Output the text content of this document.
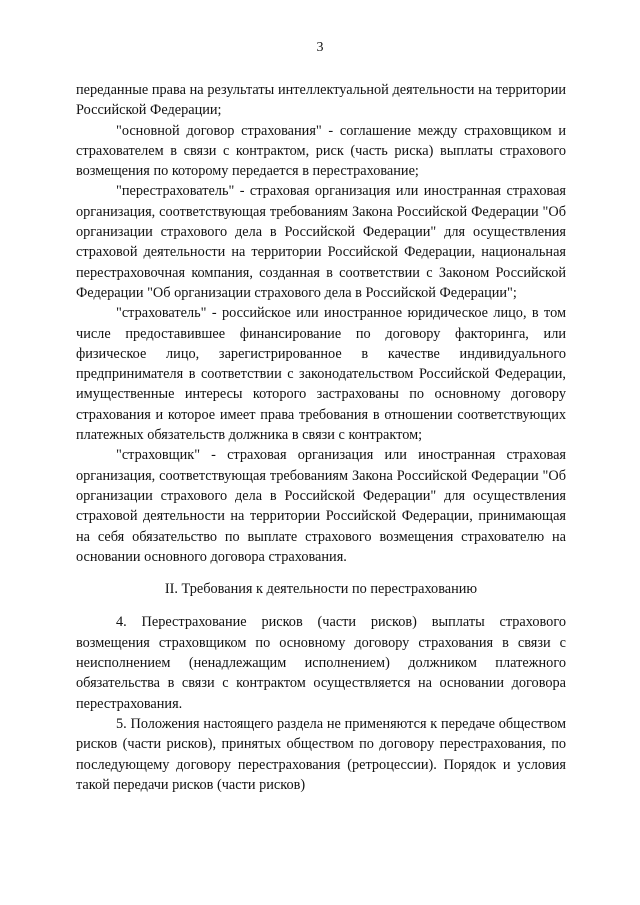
3

переданные права на результаты интеллектуальной деятельности на территории Российской Федерации;

"основной договор страхования" - соглашение между страховщиком и страхователем в связи с контрактом, риск (часть риска) выплаты страхового возмещения по которому передается в перестрахование;

"перестрахователь" - страховая организация или иностранная страховая организация, соответствующая требованиям Закона Российской Федерации "Об организации страхового дела в Российской Федерации" для осуществления страховой деятельности на территории Российской Федерации, национальная перестраховочная компания, созданная в соответствии с Законом Российской Федерации "Об организации страхового дела в Российской Федерации";

"страхователь" - российское или иностранное юридическое лицо, в том числе предоставившее финансирование по договору факторинга, или физическое лицо, зарегистрированное в качестве индивидуального предпринимателя в соответствии с законодательством Российской Федерации, имущественные интересы которого застрахованы по основному договору страхования и которое имеет права требования в отношении соответствующих платежных обязательств должника в связи с контрактом;

"страховщик" - страховая организация или иностранная страховая организация, соответствующая требованиям Закона Российской Федерации "Об организации страхового дела в Российской Федерации" для осуществления страховой деятельности на территории Российской Федерации, принимающая на себя обязательство по выплате страхового возмещения страхователю на основании основного договора страхования.

II. Требования к деятельности по перестрахованию

4. Перестрахование рисков (части рисков) выплаты страхового возмещения страховщиком по основному договору страхования в связи с неисполнением (ненадлежащим исполнением) должником платежного обязательства в связи с контрактом осуществляется на основании договора перестрахования.

5. Положения настоящего раздела не применяются к передаче обществом рисков (части рисков), принятых обществом по договору перестрахования, по последующему договору перестрахования (ретроцессии). Порядок и условия такой передачи рисков (части рисков)
